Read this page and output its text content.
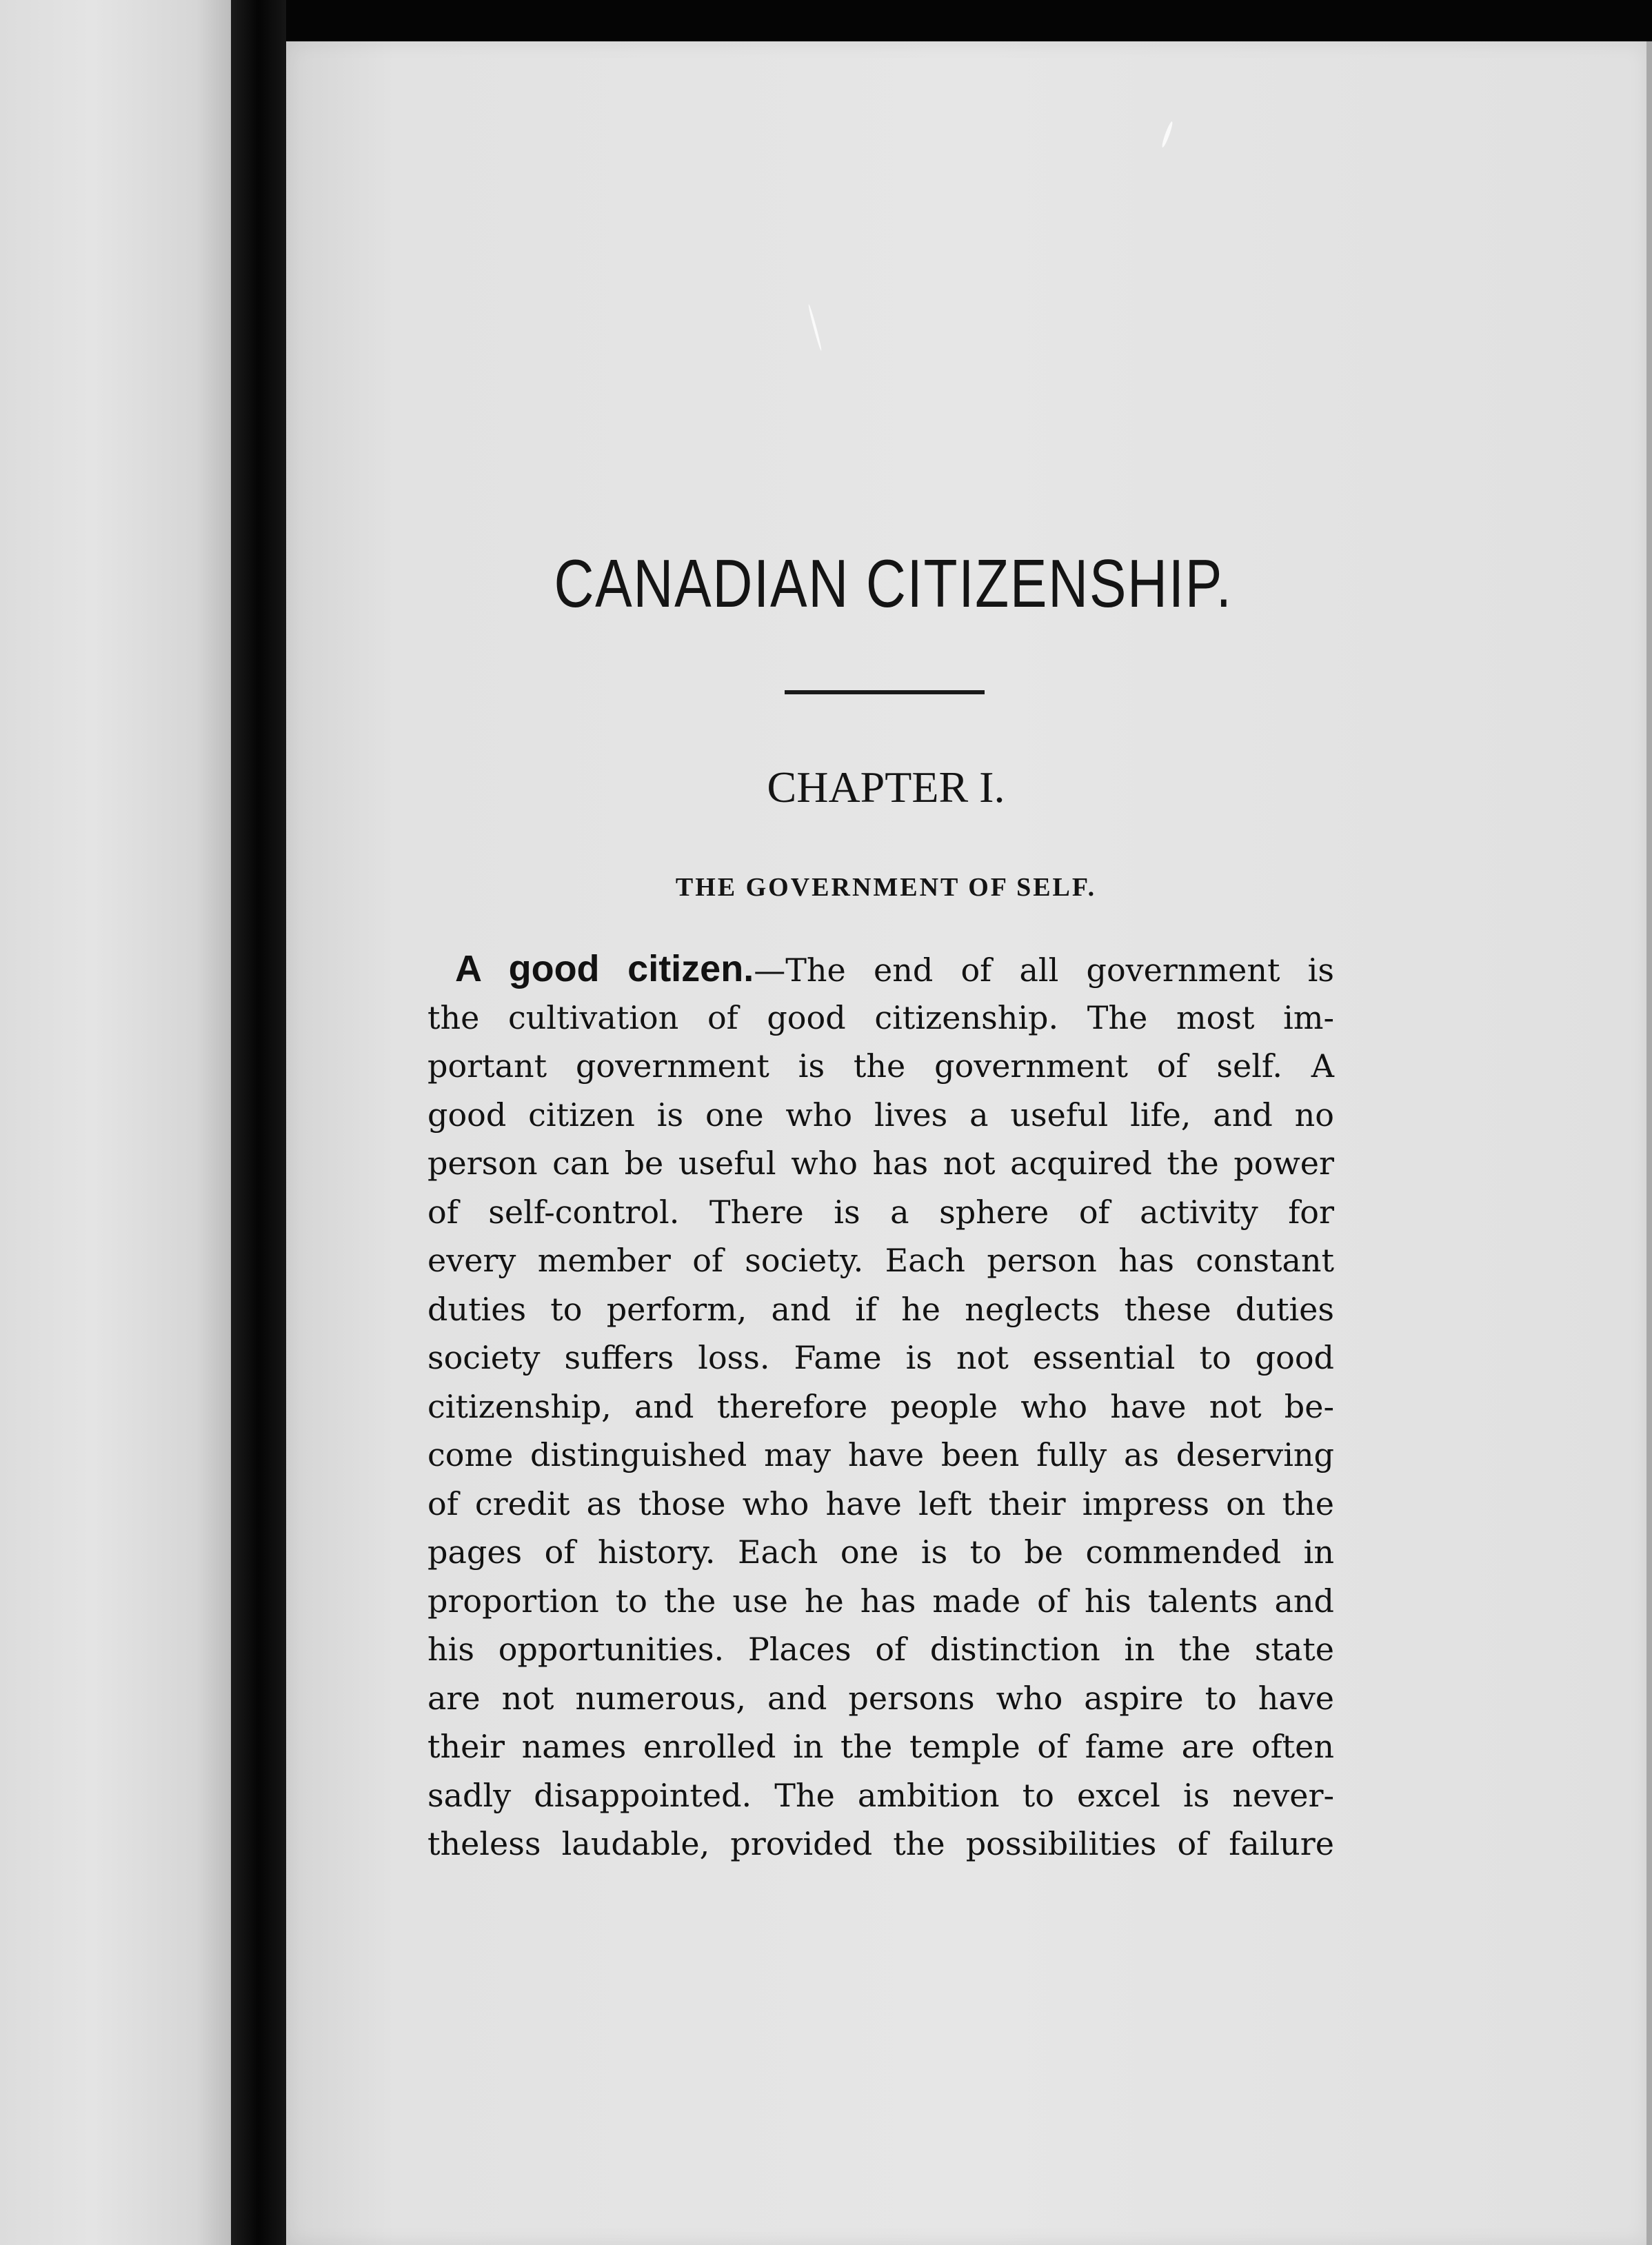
CANADIAN CITIZENSHIP.
CHAPTER I.
THE GOVERNMENT OF SELF.
A good citizen.—The end of all government is
the cultivation of good citizenship. The most im-
portant government is the government of self. A
good citizen is one who lives a useful life, and no
person can be useful who has not acquired the power
of self-control. There is a sphere of activity for
every member of society. Each person has constant
duties to perform, and if he neglects these duties
society suffers loss. Fame is not essential to good
citizenship, and therefore people who have not be-
come distinguished may have been fully as deserving
of credit as those who have left their impress on the
pages of history. Each one is to be commended in
proportion to the use he has made of his talents and
his opportunities. Places of distinction in the state
are not numerous, and persons who aspire to have
their names enrolled in the temple of fame are often
sadly disappointed. The ambition to excel is never-
theless laudable, provided the possibilities of failure
